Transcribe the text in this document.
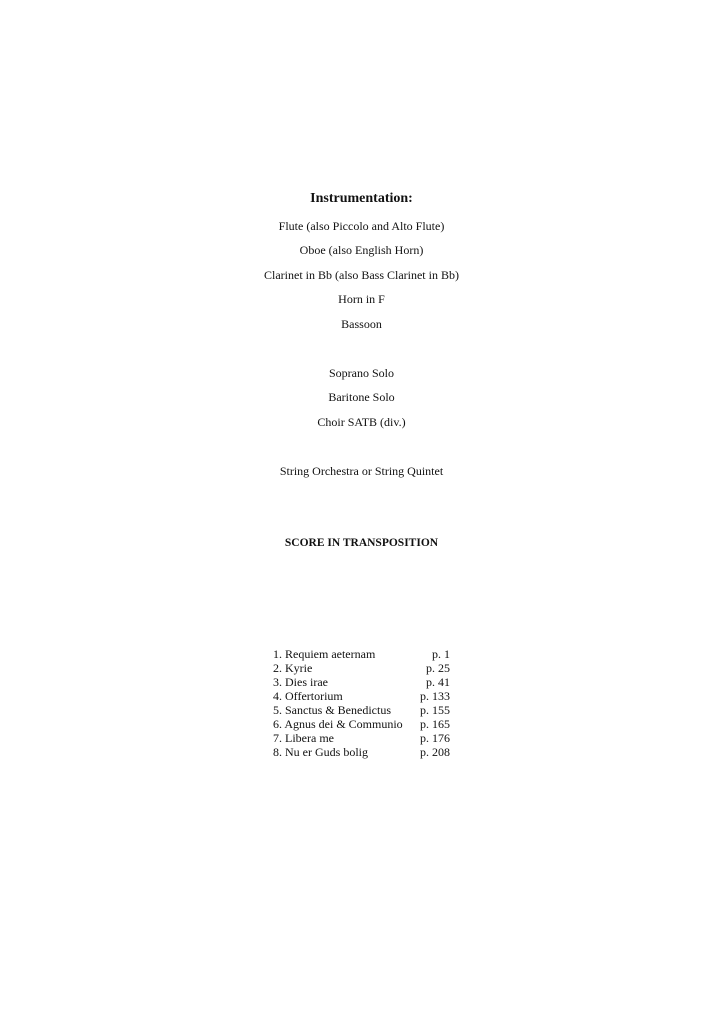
Instrumentation:
Flute (also Piccolo and Alto Flute)
Oboe (also English Horn)
Clarinet in Bb (also Bass Clarinet in Bb)
Horn in F
Bassoon
Soprano Solo
Baritone Solo
Choir SATB (div.)
String Orchestra or String Quintet
SCORE IN TRANSPOSITION
1. Requiem aeternam	p. 1
2. Kyrie	p. 25
3. Dies irae	p. 41
4. Offertorium	p. 133
5. Sanctus & Benedictus p. 155
6. Agnus dei & Communio p. 165
7. Libera me	p. 176
8. Nu er Guds bolig	p. 208
